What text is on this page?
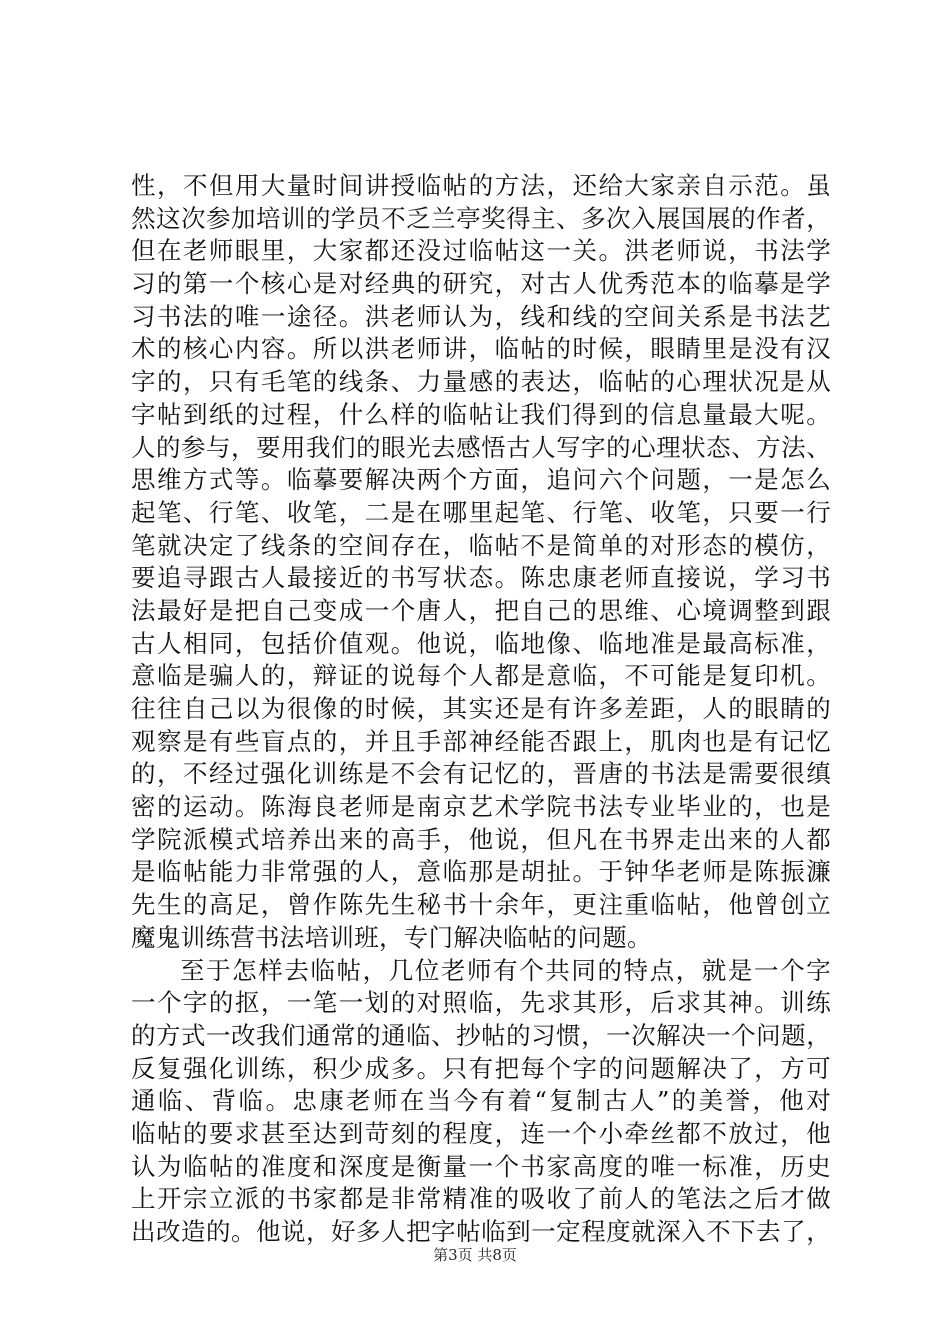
性，不但用大量时间讲授临帖的方法，还给大家亲自示范。虽
然这次参加培训的学员不乏兰亭奖得主、多次入展国展的作者，
但在老师眼里，大家都还没过临帖这一关。洪老师说，书法学
习的第一个核心是对经典的研究，对古人优秀范本的临摹是学
习书法的唯一途径。洪老师认为，线和线的空间关系是书法艺
术的核心内容。所以洪老师讲，临帖的时候，眼睛里是没有汉
字的，只有毛笔的线条、力量感的表达，临帖的心理状况是从
字帖到纸的过程，什么样的临帖让我们得到的信息量最大呢。
人的参与，要用我们的眼光去感悟古人写字的心理状态、方法、
思维方式等。临摹要解决两个方面，追问六个问题，一是怎么
起笔、行笔、收笔，二是在哪里起笔、行笔、收笔，只要一行
笔就决定了线条的空间存在，临帖不是简单的对形态的模仿，
要追寻跟古人最接近的书写状态。陈忠康老师直接说，学习书
法最好是把自己变成一个唐人，把自己的思维、心境调整到跟
古人相同，包括价值观。他说，临地像、临地准是最高标准，
意临是骗人的，辩证的说每个人都是意临，不可能是复印机。
往往自己以为很像的时候，其实还是有许多差距，人的眼睛的
观察是有些盲点的，并且手部神经能否跟上，肌肉也是有记忆
的，不经过强化训练是不会有记忆的，晋唐的书法是需要很缜
密的运动。陈海良老师是南京艺术学院书法专业毕业的，也是
学院派模式培养出来的高手，他说，但凡在书界走出来的人都
是临帖能力非常强的人，意临那是胡扯。于钟华老师是陈振濂
先生的高足，曾作陈先生秘书十余年，更注重临帖，他曾创立
魔鬼训练营书法培训班，专门解决临帖的问题。
至于怎样去临帖，几位老师有个共同的特点，就是一个字
一个字的抠，一笔一划的对照临，先求其形，后求其神。训练
的方式一改我们通常的通临、抄帖的习惯，一次解决一个问题，
反复强化训练，积少成多。只有把每个字的问题解决了，方可
通临、背临。忠康老师在当今有着“复制古人”的美誉，他对
临帖的要求甚至达到苛刻的程度，连一个小牵丝都不放过，他
认为临帖的准度和深度是衡量一个书家高度的唯一标准，历史
上开宗立派的书家都是非常精准的吸收了前人的笔法之后才做
出改造的。他说，好多人把字帖临到一定程度就深入不下去了，
第3页 共8页
